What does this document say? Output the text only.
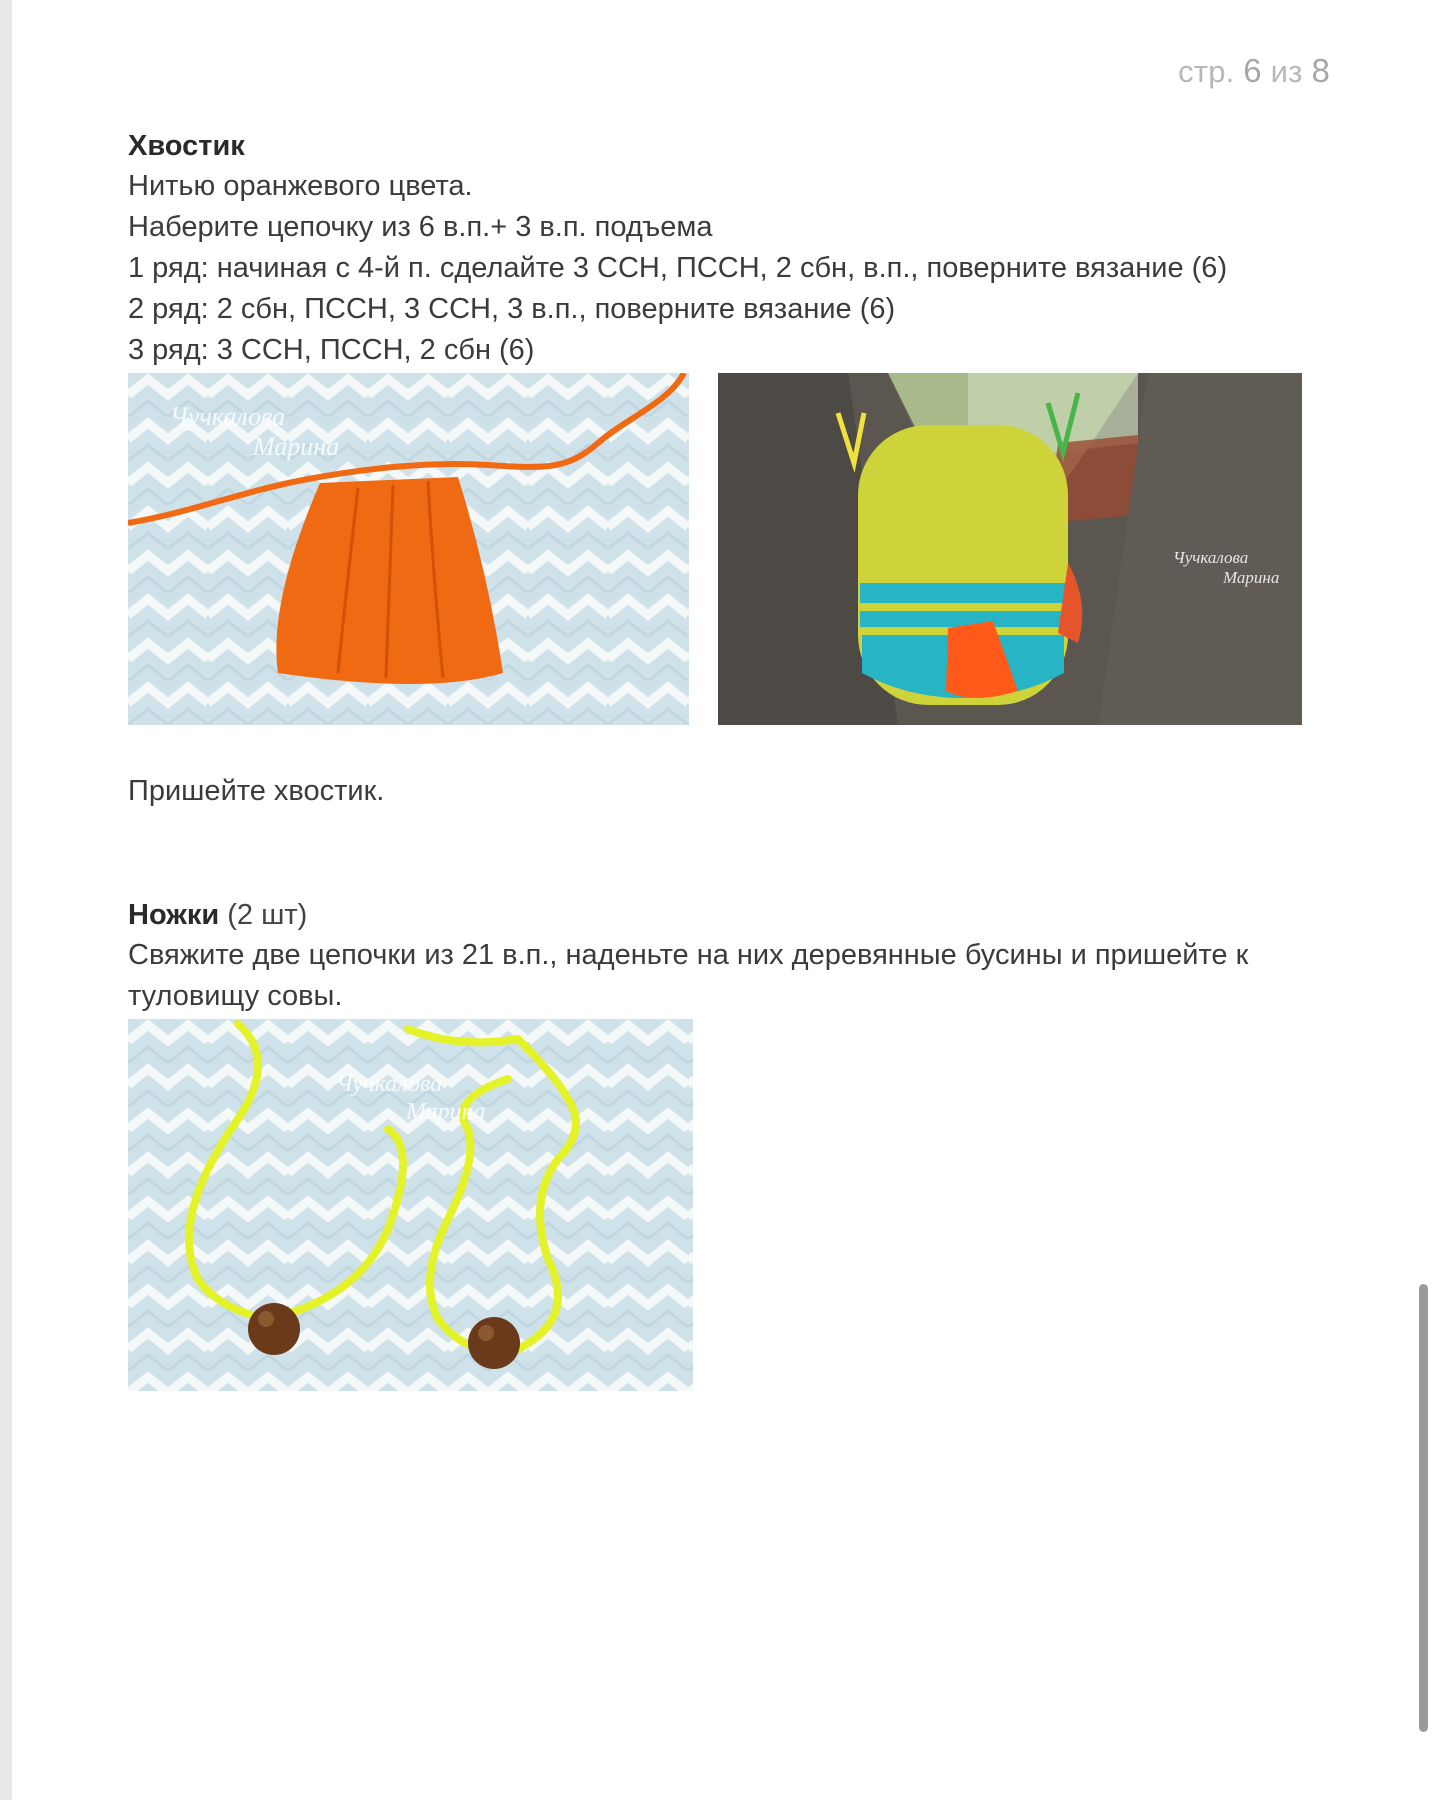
стр. 6 из 8
Хвостик
Нитью оранжевого цвета.
Наберите цепочку из 6 в.п.+ 3 в.п. подъема
1 ряд: начиная с 4-й п. сделайте 3 ССН, ПССН, 2 сбн, в.п., поверните вязание (6)
2 ряд: 2 сбн, ПССН, 3 ССН, 3 в.п., поверните вязание (6)
3 ряд: 3 ССН, ПССН, 2 сбн (6)
Чучкалова
Марина
Чучкалова
Марина
Пришейте хвостик.
Ножки (2 шт)
Свяжите две цепочки из 21 в.п., наденьте на них деревянные бусины и пришейте к туловищу совы.
Чучкалова
Марина
